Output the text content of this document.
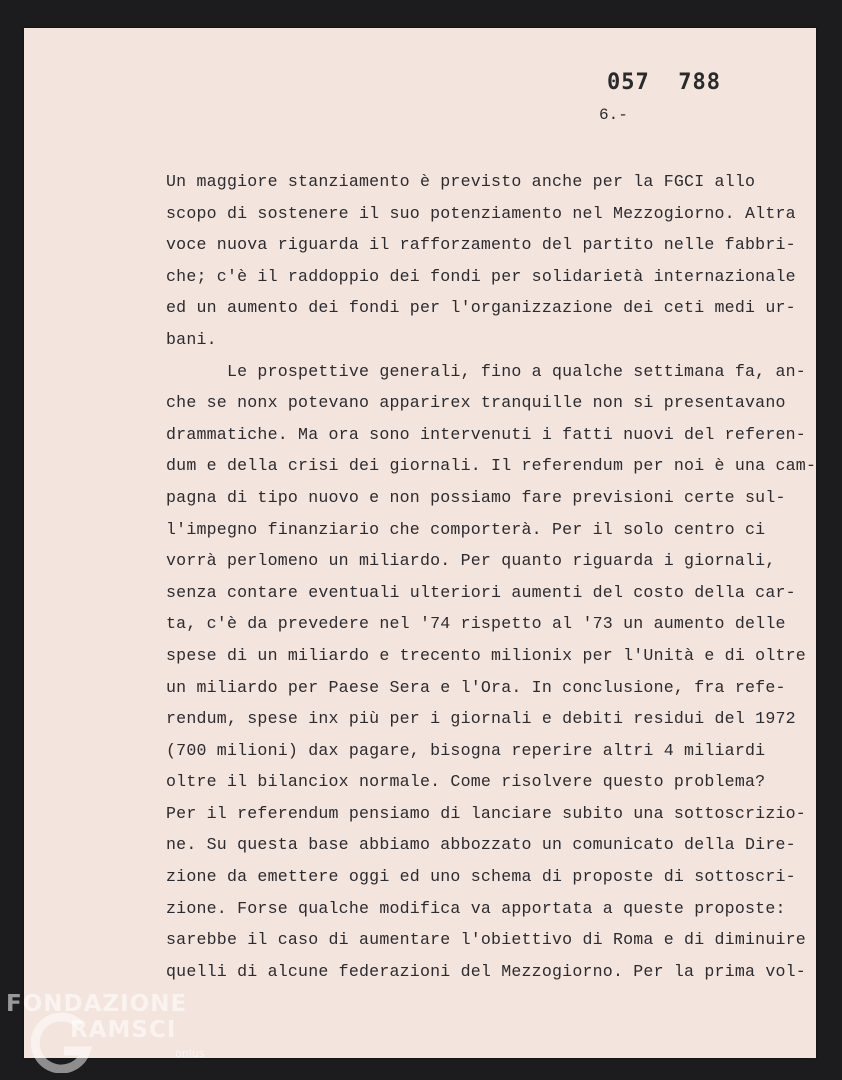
057  788
6.-
Un maggiore stanziamento è previsto anche per la FGCI allo
scopo di sostenere il suo potenziamento nel Mezzogiorno. Altra
voce nuova riguarda il rafforzamento del partito nelle fabbri-
che; c'è il raddoppio dei fondi per solidarietà internazionale
ed un aumento dei fondi per l'organizzazione dei ceti medi ur-
bani.
Le prospettive generali, fino a qualche settimana fa, an-
che se nonx potevano apparirex tranquille non si presentavano
drammatiche. Ma ora sono intervenuti i fatti nuovi del referen-
dum e della crisi dei giornali. Il referendum per noi è una cam-
pagna di tipo nuovo e non possiamo fare previsioni certe sul-
l'impegno finanziario che comporterà. Per il solo centro ci
vorrà perlomeno un miliardo. Per quanto riguarda i giornali,
senza contare eventuali ulteriori aumenti del costo della car-
ta, c'è da prevedere nel '74 rispetto al '73 un aumento delle
spese di un miliardo e trecento milionix per l'Unità e di oltre
un miliardo per Paese Sera e l'Ora. In conclusione, fra refe-
rendum, spese inx più per i giornali e debiti residui del 1972
(700 milioni) dax pagare, bisogna reperire altri 4 miliardi
oltre il bilanciox normale. Come risolvere questo problema?
Per il referendum pensiamo di lanciare subito una sottoscrizio-
ne. Su questa base abbiamo abbozzato un comunicato della Dire-
zione da emettere oggi ed uno schema di proposte di sottoscri-
zione. Forse qualche modifica va apportata a queste proposte:
sarebbe il caso di aumentare l'obiettivo di Roma e di diminuire
quelli di alcune federazioni del Mezzogiorno. Per la prima vol-
FONDAZIONE
RAMSCI
onlus
